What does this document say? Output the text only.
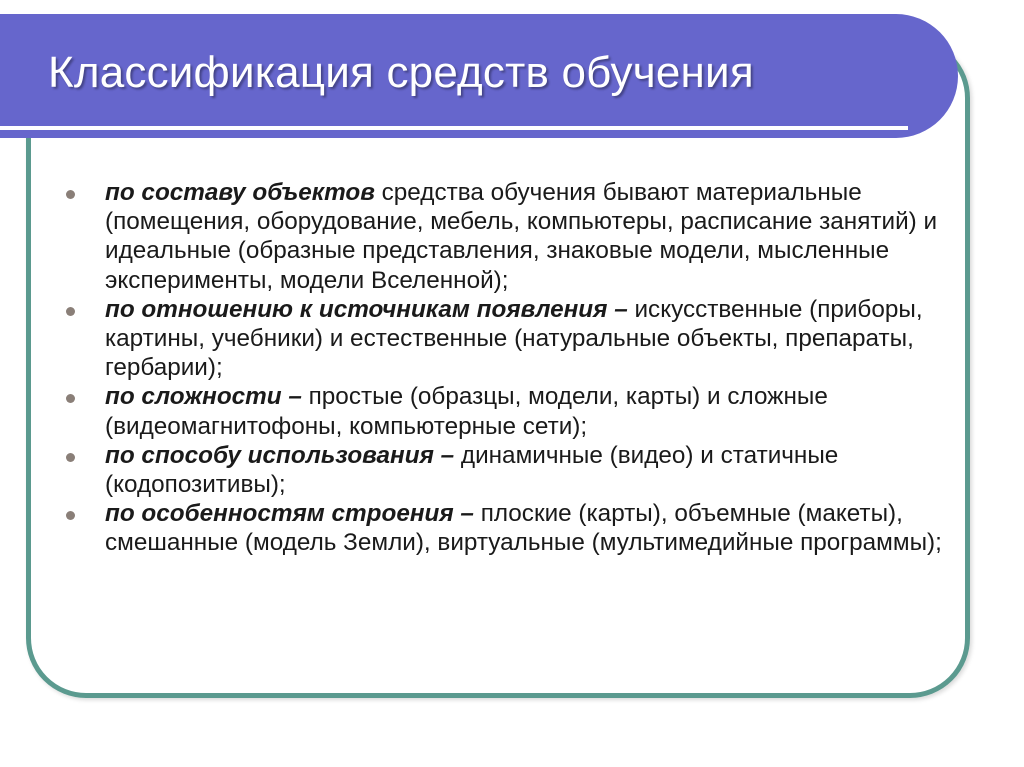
Классификация средств обучения
по составу объектов средства обучения бывают материальные (помещения, оборудование, мебель, компьютеры, расписание занятий) и идеальные (образные представления, знаковые модели, мысленные эксперименты, модели Вселенной);
по отношению к источникам появления – искусственные (приборы, картины, учебники) и естественные (натуральные объекты, препараты, гербарии);
по сложности – простые (образцы, модели, карты) и сложные (видеомагнитофоны, компьютерные сети);
по способу использования – динамичные (видео) и статичные (кодопозитивы);
по особенностям строения – плоские (карты), объемные (макеты), смешанные (модель Земли), виртуальные (мультимедийные программы);
